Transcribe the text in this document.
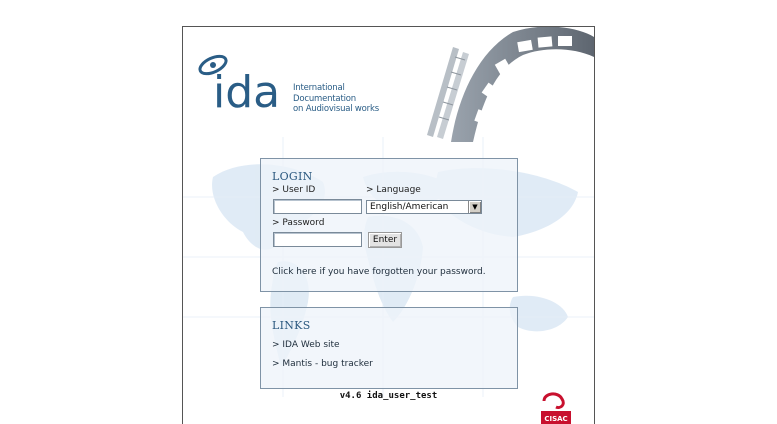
ida International
Documentation
on Audiovisual works
LOGIN
> User ID	> Language
English/American	▼
> Password
Enter
Click here if you have forgotten your password.
LINKS
> IDA Web site
> Mantis - bug tracker
v4.6 ida_user_test
CISAC
